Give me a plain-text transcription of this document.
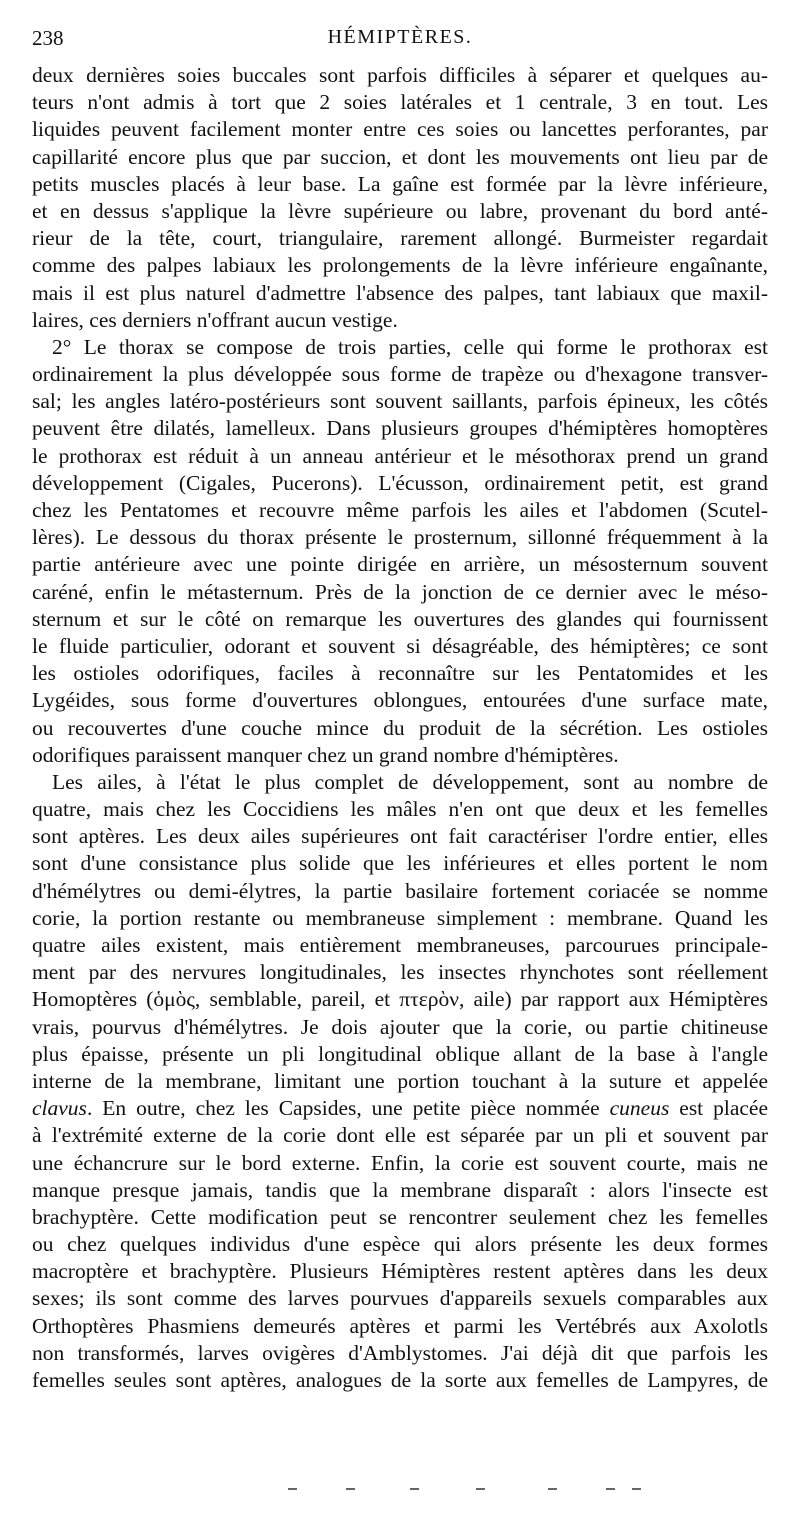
238	HÉMIPTÈRES.
deux dernières soies buccales sont parfois difficiles à séparer et quelques au-
teurs n'ont admis à tort que 2 soies latérales et 1 centrale, 3 en tout. Les
liquides peuvent facilement monter entre ces soies ou lancettes perforantes, par
capillarité encore plus que par succion, et dont les mouvements ont lieu par de
petits muscles placés à leur base. La gaîne est formée par la lèvre inférieure,
et en dessus s'applique la lèvre supérieure ou labre, provenant du bord anté-
rieur de la tête, court, triangulaire, rarement allongé. Burmeister regardait
comme des palpes labiaux les prolongements de la lèvre inférieure engaînante,
mais il est plus naturel d'admettre l'absence des palpes, tant labiaux que maxil-
laires, ces derniers n'offrant aucun vestige.
2° Le thorax se compose de trois parties, celle qui forme le prothorax est
ordinairement la plus développée sous forme de trapèze ou d'hexagone transver-
sal; les angles latéro-postérieurs sont souvent saillants, parfois épineux, les côtés
peuvent être dilatés, lamelleux. Dans plusieurs groupes d'hémiptères homoptères
le prothorax est réduit à un anneau antérieur et le mésothorax prend un grand
développement (Cigales, Pucerons). L'écusson, ordinairement petit, est grand
chez les Pentatomes et recouvre même parfois les ailes et l'abdomen (Scutel-
lères). Le dessous du thorax présente le prosternum, sillonné fréquemment à la
partie antérieure avec une pointe dirigée en arrière, un mésosternum souvent
caréné, enfin le métasternum. Près de la jonction de ce dernier avec le méso-
sternum et sur le côté on remarque les ouvertures des glandes qui fournissent
le fluide particulier, odorant et souvent si désagréable, des hémiptères; ce sont
les ostioles odorifiques, faciles à reconnaître sur les Pentatomides et les
Lygéides, sous forme d'ouvertures oblongues, entourées d'une surface mate,
ou recouvertes d'une couche mince du produit de la sécrétion. Les ostioles
odorifiques paraissent manquer chez un grand nombre d'hémiptères.
Les ailes, à l'état le plus complet de développement, sont au nombre de
quatre, mais chez les Coccidiens les mâles n'en ont que deux et les femelles
sont aptères. Les deux ailes supérieures ont fait caractériser l'ordre entier, elles
sont d'une consistance plus solide que les inférieures et elles portent le nom
d'hémélytres ou demi-élytres, la partie basilaire fortement coriacée se nomme
corie, la portion restante ou membraneuse simplement : membrane. Quand les
quatre ailes existent, mais entièrement membraneuses, parcourues principale-
ment par des nervures longitudinales, les insectes rhynchotes sont réellement
Homoptères (ὁμὸς, semblable, pareil, et πτερὸν, aile) par rapport aux Hémiptères
vrais, pourvus d'hémélytres. Je dois ajouter que la corie, ou partie chitineuse
plus épaisse, présente un pli longitudinal oblique allant de la base à l'angle
interne de la membrane, limitant une portion touchant à la suture et appelée
clavus. En outre, chez les Capsides, une petite pièce nommée cuneus est placée
à l'extrémité externe de la corie dont elle est séparée par un pli et souvent par
une échancrure sur le bord externe. Enfin, la corie est souvent courte, mais ne
manque presque jamais, tandis que la membrane disparaît : alors l'insecte est
brachyptère. Cette modification peut se rencontrer seulement chez les femelles
ou chez quelques individus d'une espèce qui alors présente les deux formes
macroptère et brachyptère. Plusieurs Hémiptères restent aptères dans les deux
sexes; ils sont comme des larves pourvues d'appareils sexuels comparables aux
Orthoptères Phasmiens demeurés aptères et parmi les Vertébrés aux Axolotls
non transformés, larves ovigères d'Amblystomes. J'ai déjà dit que parfois les
femelles seules sont aptères, analogues de la sorte aux femelles de Lampyres, de
